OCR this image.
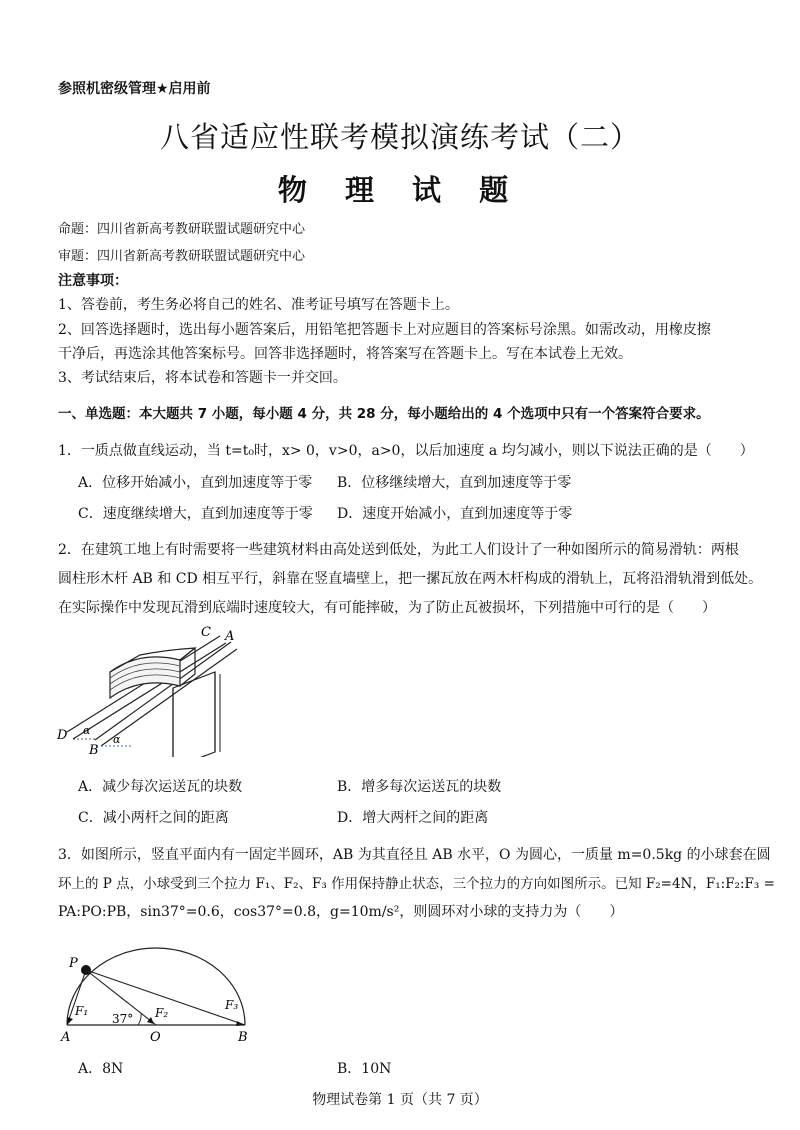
参照机密级管理★启用前
八省适应性联考模拟演练考试（二）
物 理 试 题
命题：四川省新高考教研联盟试题研究中心
审题：四川省新高考教研联盟试题研究中心
注意事项：
1、答卷前，考生务必将自己的姓名、准考证号填写在答题卡上。
2、回答选择题时，选出每小题答案后，用铅笔把答题卡上对应题目的答案标号涂黑。如需改动，用橡皮擦
干净后，再选涂其他答案标号。回答非选择题时，将答案写在答题卡上。写在本试卷上无效。
3、考试结束后，将本试卷和答题卡一并交回。
一、单选题：本大题共 7 小题，每小题 4 分，共 28 分，每小题给出的 4 个选项中只有一个答案符合要求。
1．一质点做直线运动，当 t=t₀时，x> 0，v>0，a>0，以后加速度 a 均匀减小，则以下说法正确的是（　　）
A．位移开始减小，直到加速度等于零 B．位移继续增大，直到加速度等于零
C．速度继续增大，直到加速度等于零 D．速度开始减小，直到加速度等于零
2．在建筑工地上有时需要将一些建筑材料由高处送到低处，为此工人们设计了一种如图所示的简易滑轨：两根
圆柱形木杆 AB 和 CD 相互平行，斜靠在竖直墙壁上，把一摞瓦放在两木杆构成的滑轨上，瓦将沿滑轨滑到低处。
在实际操作中发现瓦滑到底端时速度较大，有可能摔破，为了防止瓦被损坏，下列措施中可行的是（　　）
C A
D
B
α
α
A．减少每次运送瓦的块数	B．增多每次运送瓦的块数
C．减小两杆之间的距离	D．增大两杆之间的距离
3．如图所示，竖直平面内有一固定半圆环，AB 为其直径且 AB 水平，O 为圆心，一质量 m=0.5kg 的小球套在圆
环上的 P 点，小球受到三个拉力 F₁、F₂、F₃ 作用保持静止状态，三个拉力的方向如图所示。已知 F₂=4N，F₁:F₂:F₃ =
PA:PO:PB，sin37°=0.6，cos37°=0.8，g=10m/s²，则圆环对小球的支持力为（　　）
P
A	O	B
F₁	F₂
F₃
37°
A．8N	B．10N
物理试卷第 1 页（共 7 页）
